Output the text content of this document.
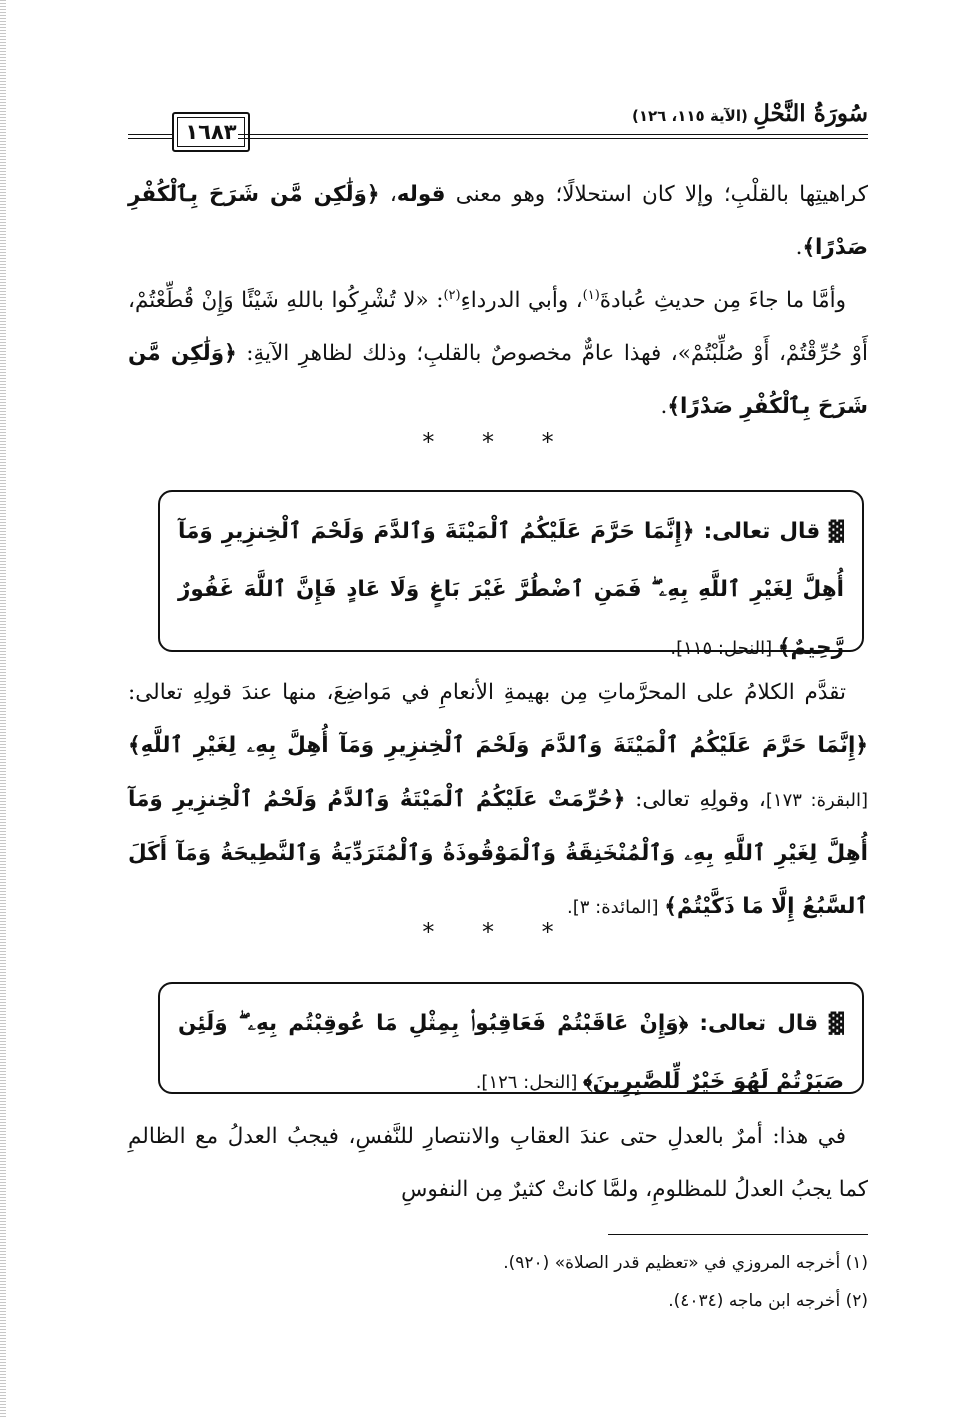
١٦٨٣
سُورَةُ النَّحْلِ (الآية ١١٥، ١٢٦)

كراهيتِها بالقلْبِ؛ وإلا كان استحلالًا؛ وهو معنى قوله، ﴿وَلَٰكِن مَّن شَرَحَ بِٱلْكُفْرِ صَدْرًا﴾.

وأمَّا ما جاءَ مِن حديثِ عُبادةَ$^{(١)}$، وأبي الدرداءِ$^{(٢)}$: «لا تُشْرِكُوا باللهِ شَيْئًا وَإِنْ قُطِّعْتُمْ، أَوْ حُرِّقْتُمْ، أَوْ صُلِّبْتُمْ»، فهذا عامٌّ مخصوصٌ بالقلبِ؛ وذلك لظاهرِ الآيةِ: ﴿وَلَٰكِن مَّن شَرَحَ بِٱلْكُفْرِ صَدْرًا﴾.

* * *

▓ قال تعالى: ﴿إِنَّمَا حَرَّمَ عَلَيْكُمُ ٱلْمَيْتَةَ وَٱلدَّمَ وَلَحْمَ ٱلْخِنزِيرِ وَمَآ أُهِلَّ لِغَيْرِ ٱللَّهِ بِهِۦ ۖ فَمَنِ ٱضْطُرَّ غَيْرَ بَاغٍ وَلَا عَادٍ فَإِنَّ ٱللَّهَ غَفُورٌ رَّحِيمٌ﴾ [النحل: ١١٥].

تقدَّم الكلامُ على المحرَّماتِ مِن بهيمةِ الأنعامِ في مَواضِعَ، منها عندَ قولِهِ تعالى: ﴿إِنَّمَا حَرَّمَ عَلَيْكُمُ ٱلْمَيْتَةَ وَٱلدَّمَ وَلَحْمَ ٱلْخِنزِيرِ وَمَآ أُهِلَّ بِهِۦ لِغَيْرِ ٱللَّهِ﴾ [البقرة: ١٧٣]، وقولِهِ تعالى: ﴿حُرِّمَتْ عَلَيْكُمُ ٱلْمَيْتَةُ وَٱلدَّمُ وَلَحْمُ ٱلْخِنزِيرِ وَمَآ أُهِلَّ لِغَيْرِ ٱللَّهِ بِهِۦ وَٱلْمُنْخَنِقَةُ وَٱلْمَوْقُوذَةُ وَٱلْمُتَرَدِّيَةُ وَٱلنَّطِيحَةُ وَمَآ أَكَلَ ٱلسَّبُعُ إِلَّا مَا ذَكَّيْتُمْ﴾ [المائدة: ٣].

* * *

▓ قال تعالى: ﴿وَإِنْ عَاقَبْتُمْ فَعَاقِبُوا۟ بِمِثْلِ مَا عُوقِبْتُم بِهِۦ ۖ وَلَئِن صَبَرْتُمْ لَهُوَ خَيْرٌ لِّلصَّٰبِرِينَ﴾ [النحل: ١٢٦].

في هذا: أمرٌ بالعدلِ حتى عندَ العقابِ والانتصارِ للنَّفسِ، فيجبُ العدلُ مع الظالمِ كما يجبُ العدلُ للمظلومِ، ولمَّا كانتْ كثيرٌ مِن النفوسِ

(١) أخرجه المروزي في «تعظيم قدر الصلاة» (٩٢٠).

(٢) أخرجه ابن ماجه (٤٠٣٤).
